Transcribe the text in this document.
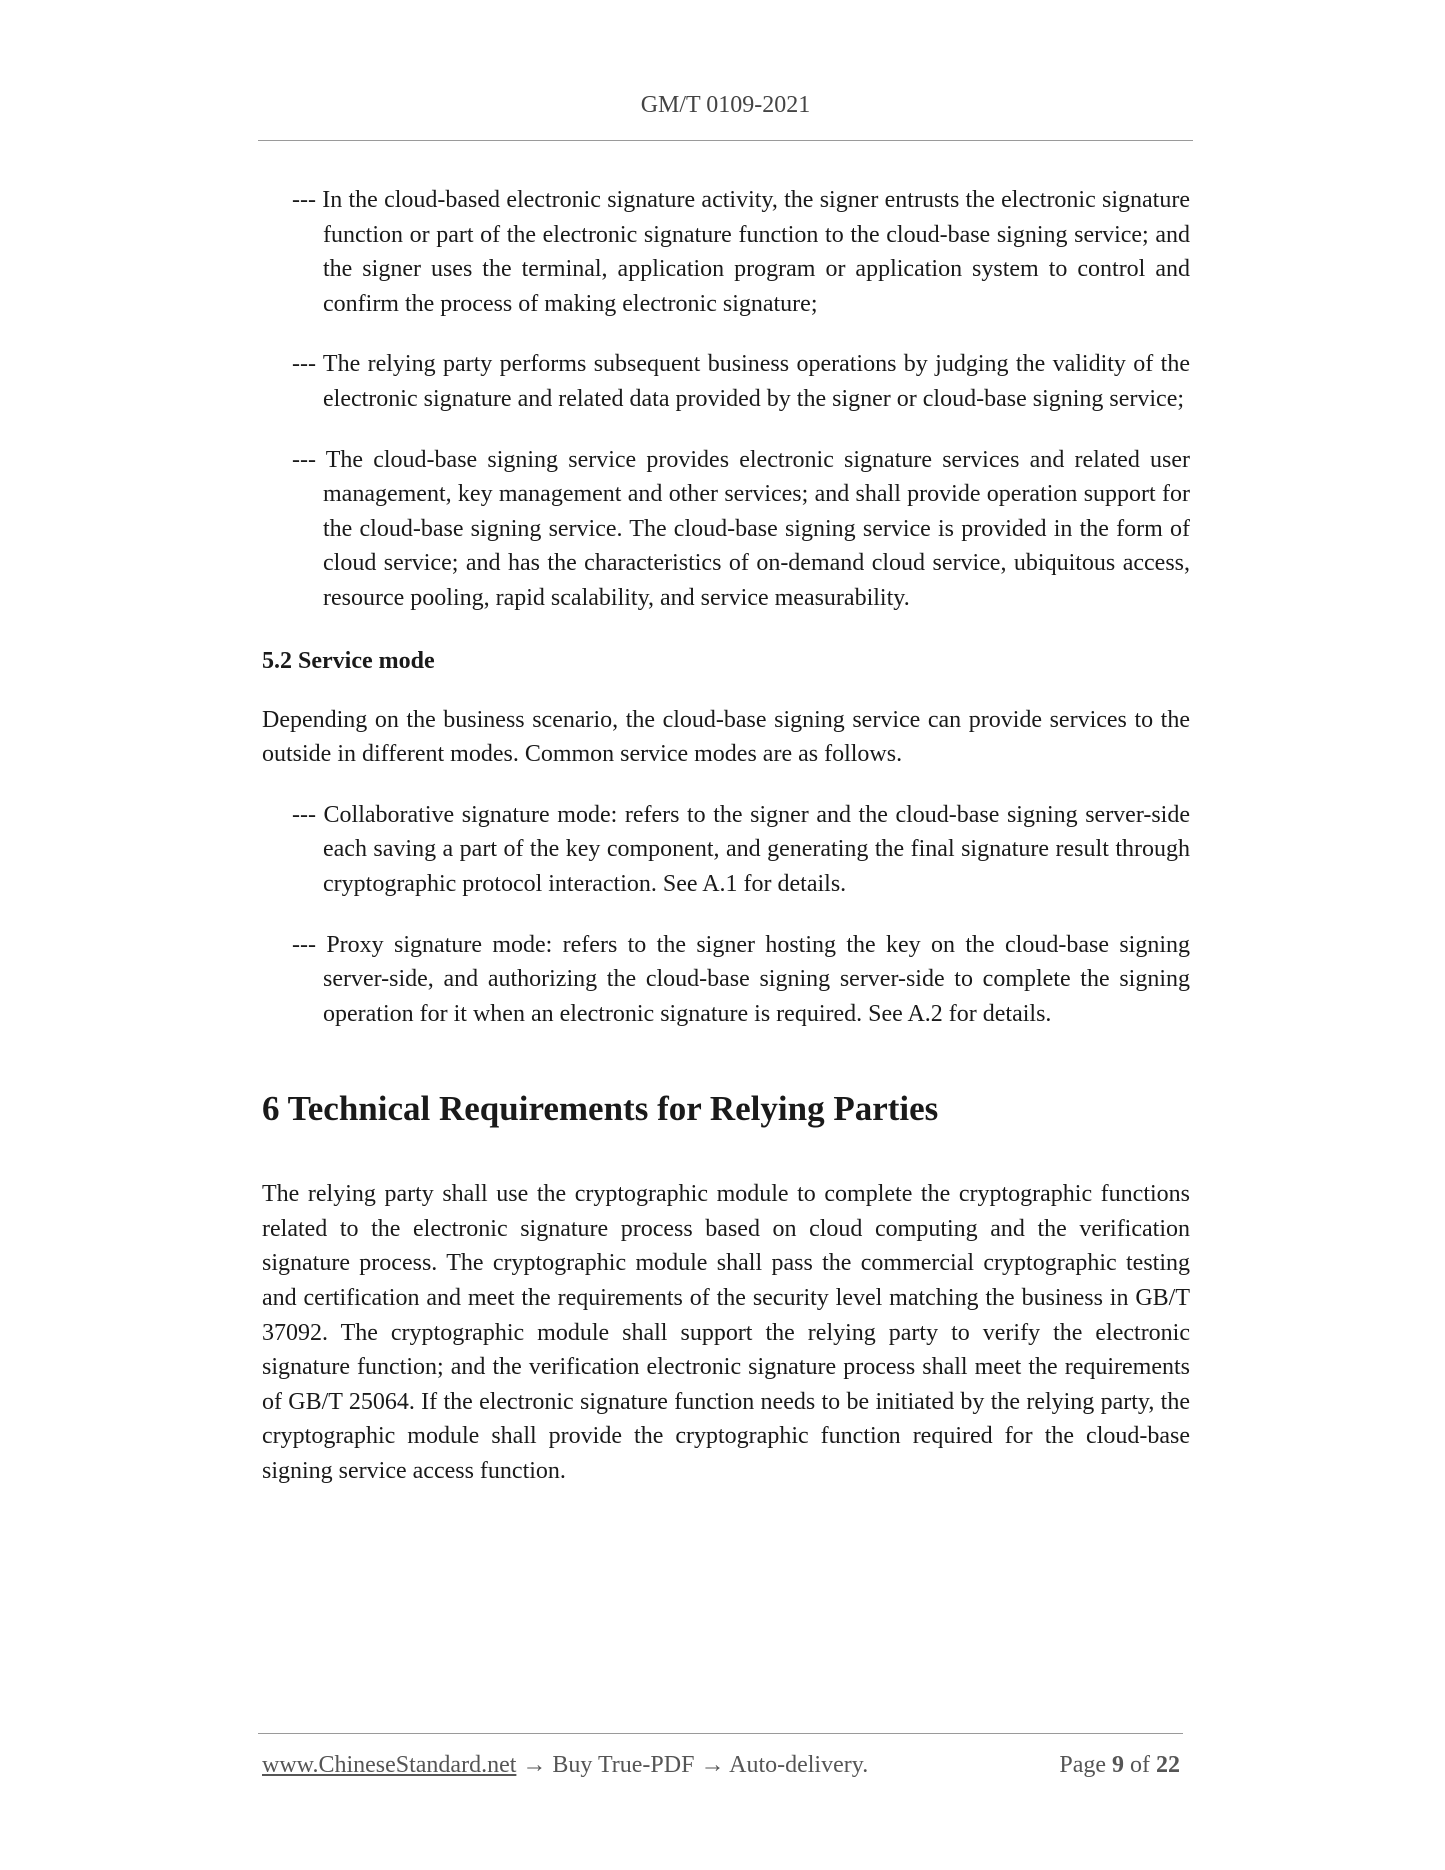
GM/T 0109-2021

--- In the cloud-based electronic signature activity, the signer entrusts the electronic signature function or part of the electronic signature function to the cloud-base signing service; and the signer uses the terminal, application program or application system to control and confirm the process of making electronic signature;

--- The relying party performs subsequent business operations by judging the validity of the electronic signature and related data provided by the signer or cloud-base signing service;

--- The cloud-base signing service provides electronic signature services and related user management, key management and other services; and shall provide operation support for the cloud-base signing service. The cloud-base signing service is provided in the form of cloud service; and has the characteristics of on-demand cloud service, ubiquitous access, resource pooling, rapid scalability, and service measurability.

5.2 Service mode

Depending on the business scenario, the cloud-base signing service can provide services to the outside in different modes. Common service modes are as follows.

--- Collaborative signature mode: refers to the signer and the cloud-base signing server-side each saving a part of the key component, and generating the final signature result through cryptographic protocol interaction. See A.1 for details.

--- Proxy signature mode: refers to the signer hosting the key on the cloud-base signing server-side, and authorizing the cloud-base signing server-side to complete the signing operation for it when an electronic signature is required. See A.2 for details.

6 Technical Requirements for Relying Parties

The relying party shall use the cryptographic module to complete the cryptographic functions related to the electronic signature process based on cloud computing and the verification signature process. The cryptographic module shall pass the commercial cryptographic testing and certification and meet the requirements of the security level matching the business in GB/T 37092. The cryptographic module shall support the relying party to verify the electronic signature function; and the verification electronic signature process shall meet the requirements of GB/T 25064. If the electronic signature function needs to be initiated by the relying party, the cryptographic module shall provide the cryptographic function required for the cloud-base signing service access function.

www.ChineseStandard.net → Buy True-PDF → Auto-delivery.	Page 9 of 22
